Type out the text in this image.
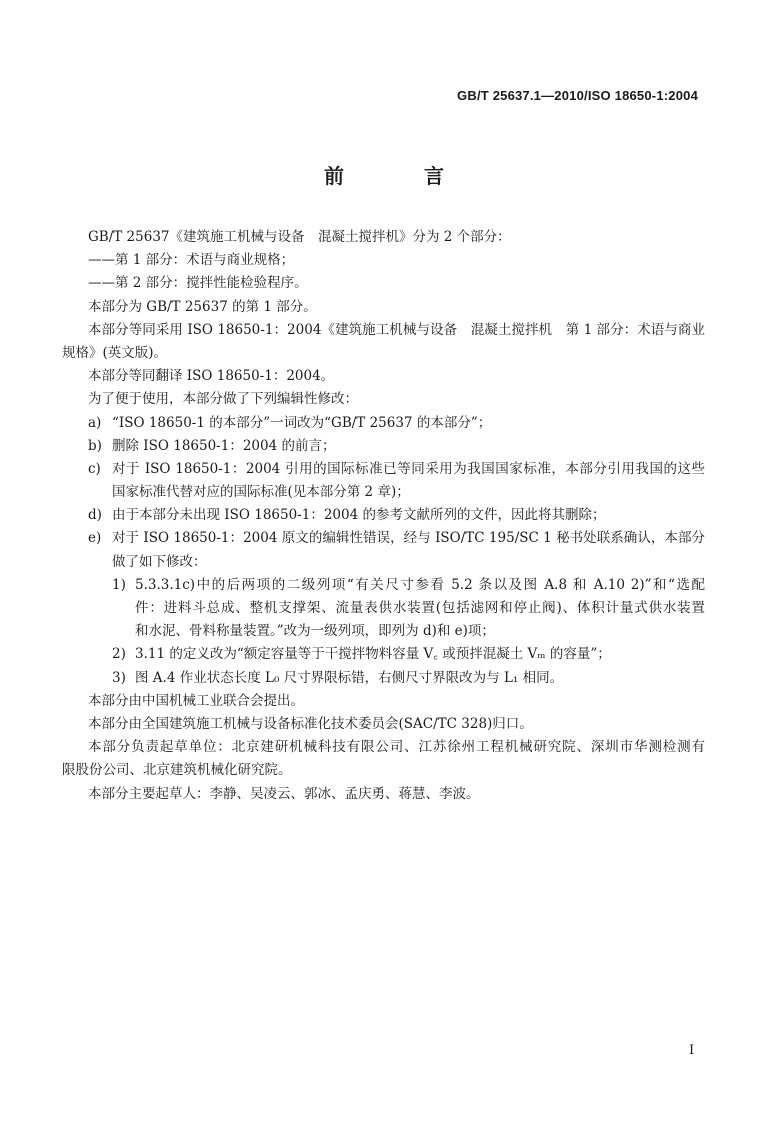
GB/T 25637.1—2010/ISO 18650-1:2004
前　言
GB/T 25637《建筑施工机械与设备　混凝土搅拌机》分为 2 个部分：
——第 1 部分：术语与商业规格；
——第 2 部分：搅拌性能检验程序。
本部分为 GB/T 25637 的第 1 部分。
本部分等同采用 ISO 18650-1：2004《建筑施工机械与设备　混凝土搅拌机　第 1 部分：术语与商业
规格》(英文版)。
本部分等同翻译 ISO 18650-1：2004。
为了便于使用，本部分做了下列编辑性修改：
a) “ISO 18650-1 的本部分”一词改为“GB/T 25637 的本部分”；
b) 删除 ISO 18650-1：2004 的前言；
c) 对于 ISO 18650-1：2004 引用的国际标准已等同采用为我国国家标准，本部分引用我国的这些
国家标准代替对应的国际标准(见本部分第 2 章)；
d) 由于本部分未出现 ISO 18650-1：2004 的参考文献所列的文件，因此将其删除；
e) 对于 ISO 18650-1：2004 原文的编辑性错误，经与 ISO/TC 195/SC 1 秘书处联系确认，本部分
做了如下修改：
1) 5.3.3.1c)中的后两项的二级列项“有关尺寸参看 5.2 条以及图 A.8 和 A.10 2)”和“选配
件：进料斗总成、整机支撑架、流量表供水装置(包括滤网和停止阀)、体积计量式供水装置
和水泥、骨料称量装置。”改为一级列项，即列为 d)和 e)项；
2) 3.11 的定义改为“额定容量等于干搅拌物料容量 V꜀ 或预拌混凝土 Vₘ 的容量”；
3) 图 A.4 作业状态长度 L₀ 尺寸界限标错，右侧尺寸界限改为与 L₁ 相同。
本部分由中国机械工业联合会提出。
本部分由全国建筑施工机械与设备标准化技术委员会(SAC/TC 328)归口。
本部分负责起草单位：北京建研机械科技有限公司、江苏徐州工程机械研究院、深圳市华测检测有
限股份公司、北京建筑机械化研究院。
本部分主要起草人：李静、吴凌云、郭冰、孟庆勇、蒋慧、李波。
I
